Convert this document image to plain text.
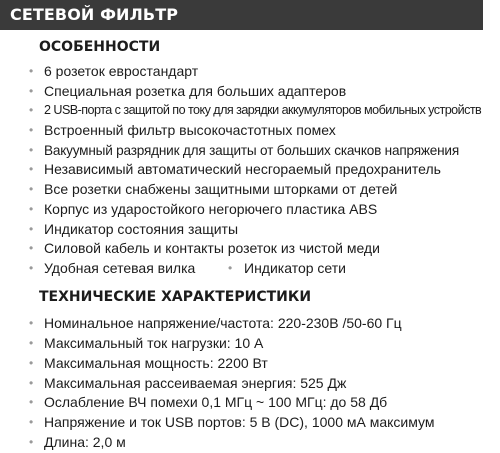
СЕТЕВОЙ ФИЛЬТР
ОСОБЕННОСТИ
• 6 розеток евростандарт
• Специальная розетка для больших адаптеров
• 2 USB-порта с защитой по току для зарядки аккумуляторов мобильных устройств
• Встроенный фильтр высокочастотных помех
• Вакуумный разрядник для защиты от больших скачков напряжения
• Независимый автоматический несгораемый предохранитель
• Все розетки снабжены защитными шторками от детей
• Корпус из ударостойкого негорючего пластика ABS
• Индикатор состояния защиты
• Силовой кабель и контакты розеток из чистой меди
• Удобная сетевая вилка	• Индикатор сети
ТЕХНИЧЕСКИЕ ХАРАКТЕРИСТИКИ
• Номинальное напряжение/частота: 220-230В /50-60 Гц
• Максимальный ток нагрузки: 10 А
• Максимальная мощность: 2200 Вт
• Максимальная рассеиваемая энергия: 525 Дж
• Ослабление ВЧ помехи 0,1 МГц ~ 100 МГц: до 58 Дб
• Напряжение и ток USB портов: 5 В (DC), 1000 мА максимум
• Длина: 2,0 м
